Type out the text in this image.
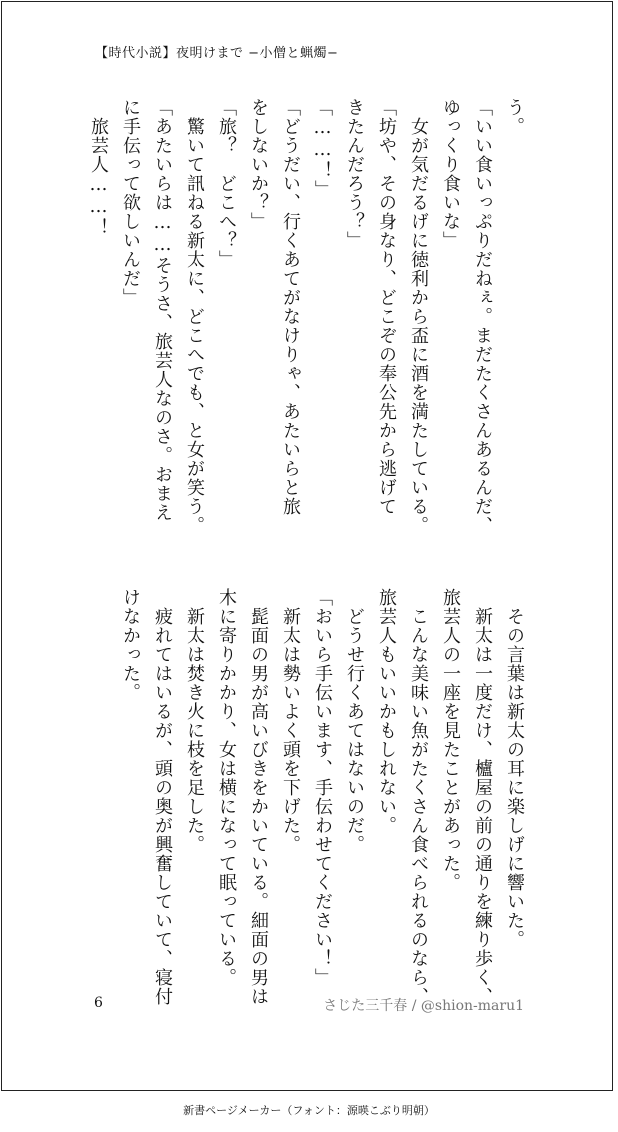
【時代小説】夜明けまで −小僧と蝋燭−

う。

「いい食いっぷりだねぇ。まだたくさんあるんだ、

ゆっくり食いな」

　女が気だるげに徳利から盃に酒を満たしている。

「坊や、その身なり、どこぞの奉公先から逃げて

きたんだろう？」

「……！」

「どうだい、行くあてがなけりゃ、あたいらと旅

をしないか？」

「旅？　どこへ？」

　驚いて訊ねる新太に、どこへでも、と女が笑う。

「あたいらは……そうさ、旅芸人なのさ。おまえ

に手伝って欲しいんだ」

　旅芸人……！

　その言葉は新太の耳に楽しげに響いた。

　新太は一度だけ、櫨屋の前の通りを練り歩く、

旅芸人の一座を見たことがあった。

　こんな美味い魚がたくさん食べられるのなら、

旅芸人もいいかもしれない。

　どうせ行くあてはないのだ。

「おいら手伝います、手伝わせてください！」

　新太は勢いよく頭を下げた。

　髭面の男が高いびきをかいている。細面の男は

木に寄りかかり、女は横になって眠っている。

　新太は焚き火に枝を足した。

　疲れてはいるが、頭の奥が興奮していて、寝付

けなかった。

6	さじた三千春 / @shion-maru1
新書ページメーカー（フォント：源暎こぶり明朝）
